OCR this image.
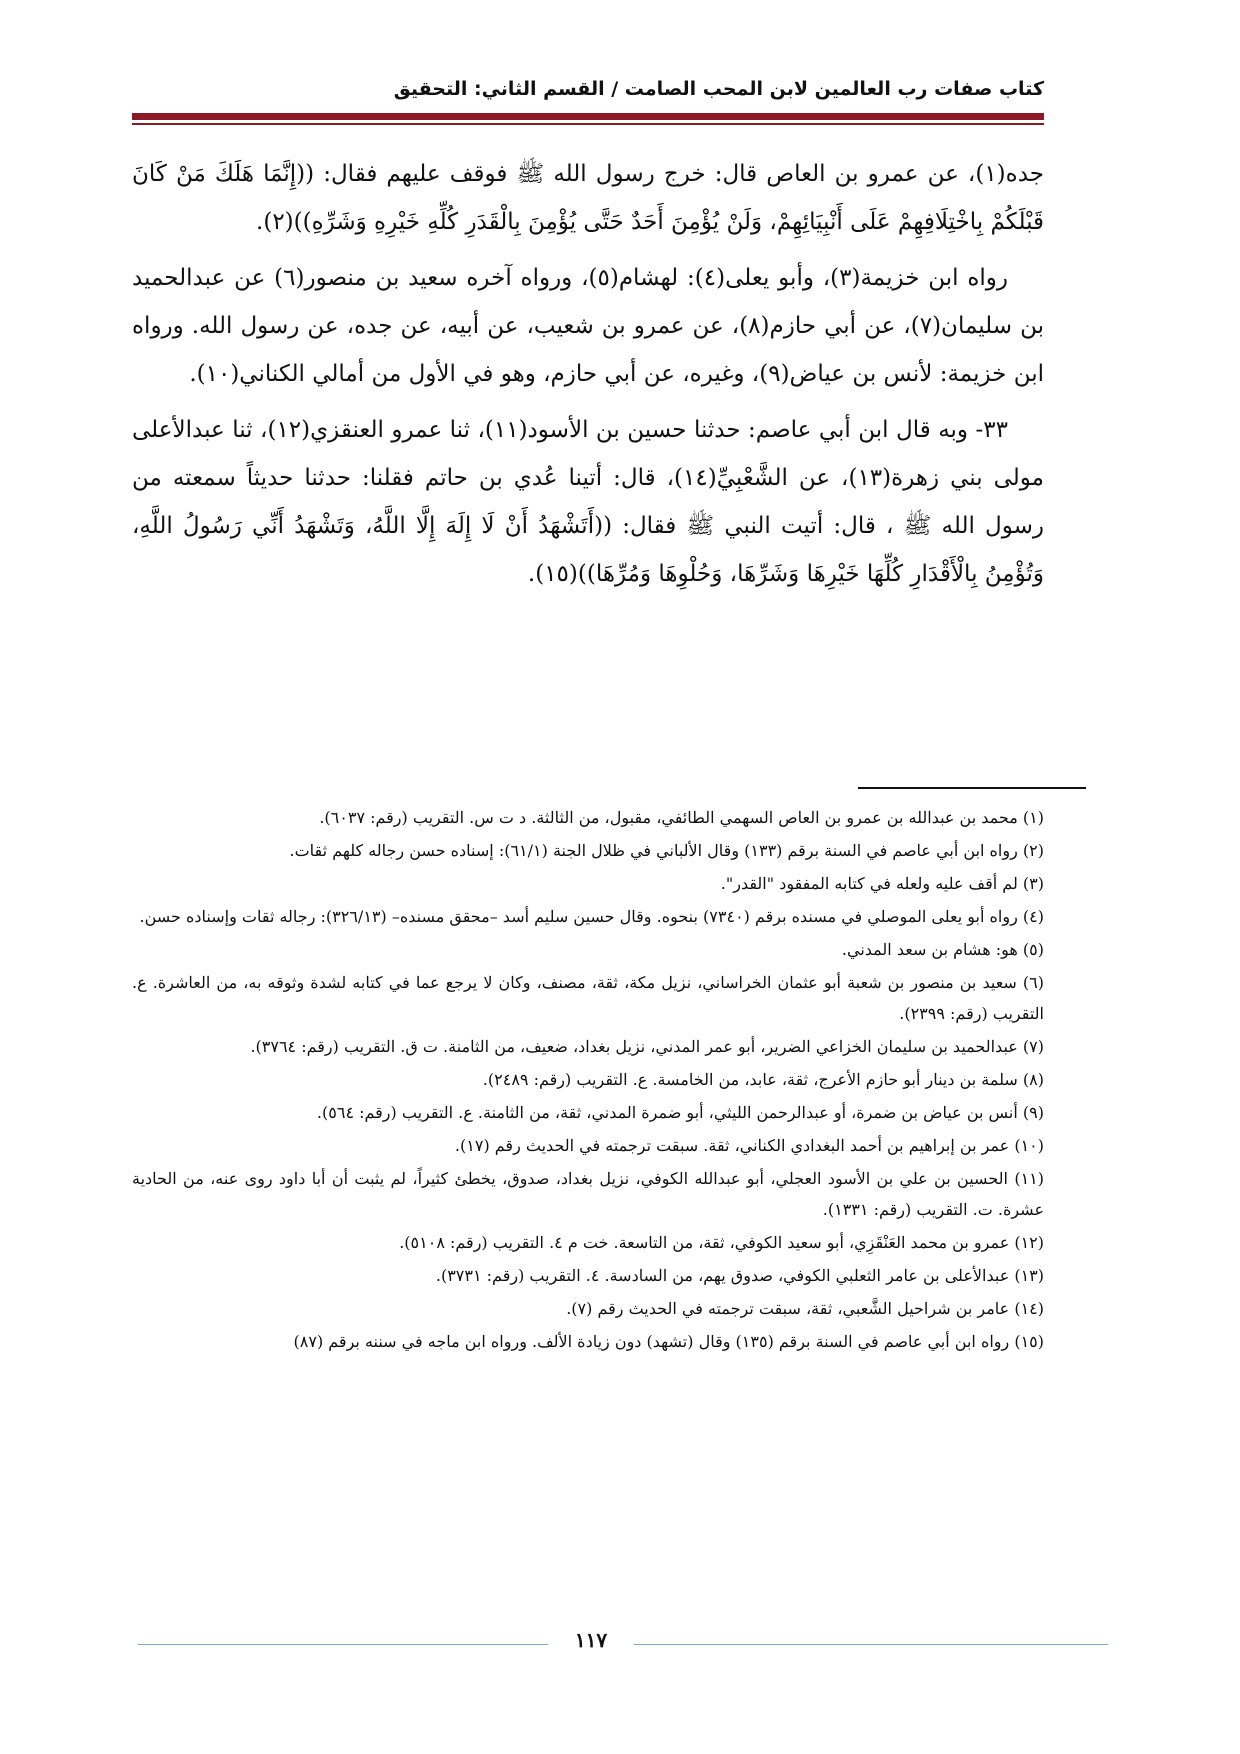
كتاب صفات رب العالمين لابن المحب الصامت / القسم الثاني: التحقيق

جده(١)، عن عمرو بن العاص قال: خرج رسول الله ﷺ فوقف عليهم فقال: ((إِنَّمَا هَلَكَ مَنْ كَانَ قَبْلَكُمْ بِاخْتِلَافِهِمْ عَلَى أَنْبِيَائِهِمْ، وَلَنْ يُؤْمِنَ أَحَدٌ حَتَّى يُؤْمِنَ بِالْقَدَرِ كُلِّهِ خَيْرِهِ وَشَرِّهِ))(٢).

رواه ابن خزيمة(٣)، وأبو يعلى(٤): لهشام(٥)، ورواه آخره سعيد بن منصور(٦) عن عبدالحميد بن سليمان(٧)، عن أبي حازم(٨)، عن عمرو بن شعيب، عن أبيه، عن جده، عن رسول الله. ورواه ابن خزيمة: لأنس بن عياض(٩)، وغيره، عن أبي حازم، وهو في الأول من أمالي الكناني(١٠).

٣٣- وبه قال ابن أبي عاصم: حدثنا حسين بن الأسود(١١)، ثنا عمرو العنقزي(١٢)، ثنا عبدالأعلى مولى بني زهرة(١٣)، عن الشَّعْبِيِّ(١٤)، قال: أتينا عُدي بن حاتم فقلنا: حدثنا حديثاً سمعته من رسول الله ﷺ ، قال: أتيت النبي ﷺ فقال: ((أَتَشْهَدُ أَنْ لَا إِلَهَ إِلَّا اللَّهُ، وَتَشْهَدُ أَنِّي رَسُولُ اللَّهِ، وَتُؤْمِنُ بِالْأَقْدَارِ كُلِّهَا خَيْرِهَا وَشَرِّهَا، وَحُلْوِهَا وَمُرِّهَا))(١٥).

(١) محمد بن عبدالله بن عمرو بن العاص السهمي الطائفي، مقبول، من الثالثة. د ت س. التقريب (رقم: ٦٠٣٧).
(٢) رواه ابن أبي عاصم في السنة برقم (١٣٣) وقال الألباني في ظلال الجنة (٦١/١): إسناده حسن رجاله كلهم ثقات.
(٣) لم أقف عليه ولعله في كتابه المفقود "القدر".
(٤) رواه أبو يعلى الموصلي في مسنده برقم (٧٣٤٠) بنحوه. وقال حسين سليم أسد –محقق مسنده– (٣٢٦/١٣): رجاله ثقات وإسناده حسن.
(٥) هو: هشام بن سعد المدني.
(٦) سعيد بن منصور بن شعبة أبو عثمان الخراساني، نزيل مكة، ثقة، مصنف، وكان لا يرجع عما في كتابه لشدة وثوقه به، من العاشرة. ع. التقريب (رقم: ٢٣٩٩).
(٧) عبدالحميد بن سليمان الخزاعي الضرير، أبو عمر المدني، نزيل بغداد، ضعيف، من الثامنة. ت ق. التقريب (رقم: ٣٧٦٤).
(٨) سلمة بن دينار أبو حازم الأعرج، ثقة، عابد، من الخامسة. ع. التقريب (رقم: ٢٤٨٩).
(٩) أنس بن عياض بن ضمرة، أو عبدالرحمن الليثي، أبو ضمرة المدني، ثقة، من الثامنة. ع. التقريب (رقم: ٥٦٤).
(١٠) عمر بن إبراهيم بن أحمد البغدادي الكناني، ثقة. سبقت ترجمته في الحديث رقم (١٧).
(١١) الحسين بن علي بن الأسود العجلي، أبو عبدالله الكوفي، نزيل بغداد، صدوق، يخطئ كثيراً، لم يثبت أن أبا داود روى عنه، من الحادية عشرة. ت. التقريب (رقم: ١٣٣١).
(١٢) عمرو بن محمد العَنْقَزِي، أبو سعيد الكوفي، ثقة، من التاسعة. خت م ٤. التقريب (رقم: ٥١٠٨).
(١٣) عبدالأعلى بن عامر الثعلبي الكوفي، صدوق يهم، من السادسة. ٤. التقريب (رقم: ٣٧٣١).
(١٤) عامر بن شراحيل الشَّعبي، ثقة، سبقت ترجمته في الحديث رقم (٧).
(١٥) رواه ابن أبي عاصم في السنة برقم (١٣٥) وقال (تشهد) دون زيادة الألف. ورواه ابن ماجه في سننه برقم (٨٧)
١١٧
